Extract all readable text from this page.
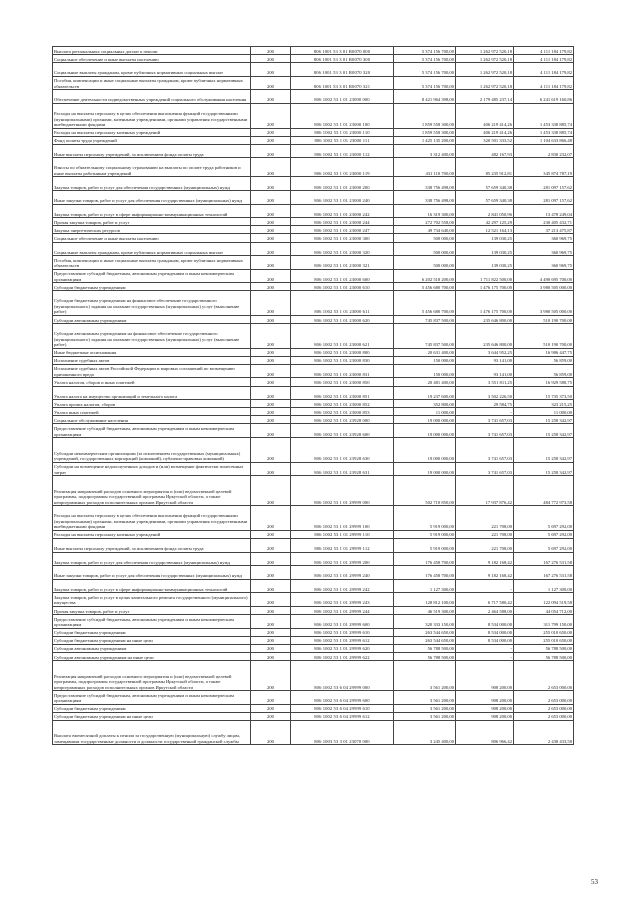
Выплата региональных социальных доплат к пенсии	200	806 1001 53 3 01 R0070 000	5 374 156 700,00	1 262 972 520,18	4 111 184 179,82
Социальное обеспечение и иные выплаты населению	200	806 1001 53 3 01 R0070 300	5 374 156 700,00	1 262 972 520,18	4 111 184 179,82
Социальные выплаты гражданам, кроме публичных нормативных социальных выплат	200	806 1001 53 3 01 R0070 320	5 374 156 700,00	1 262 972 520,18	4 111 184 179,82
Пособия, компенсации и иные социальные выплаты гражданам, кроме публичных нормативных обязательств	200	806 1001 53 3 01 R0070 321	5 374 156 700,00	1 262 972 520,18	4 111 184 179,82
Обеспечение деятельности подведомственных учреждений социального обслуживания населения	200	806 1002 53 1 01 23000 000	8 421 964 398,00	2 179 485 237,14	6 241 619 160,86
Расходы на выплаты персоналу в целях обеспечения выполнения функций государственными (муниципальными) органами, казенными учреждениями, органами управления государственными внебюджетными фондами	200	806 1002 53 1 01 23000 100	1 859 558 300,00	406 219 414,26	1 453 338 885,74
Расходы на выплаты персоналу казенных учреждений	200	806 1002 53 1 01 23000 110	1 859 558 300,00	406 219 414,26	1 453 338 885,74
Фонд оплаты труда учреждений	200	806 1002 53 1 01 23000 111	1 425 135 200,00	320 501 333,52	1 104 633 866,48
Иные выплаты персоналу учреждений, за исключением фонда оплаты труда	200	806 1002 53 1 01 23000 112	3 312 400,00	482 167,93	2 830 232,07
Взносы по обязательному социальному страхованию на выплаты по оплате труда работников и иные выплаты работникам учреждений	200	806 1002 53 1 01 23000 119	431 110 700,00	85 235 912,81	345 874 787,19
Закупка товаров, работ и услуг для обеспечения государственных (муниципальных) нужд	200	806 1002 53 1 01 23000 200	338 756 498,00	57 659 340,38	281 097 157,62
Иные закупки товаров, работ и услуг для обеспечения государственных (муниципальных) нужд	200	806 1002 53 1 01 23000 240	338 756 498,00	57 659 340,38	281 097 157,62
Закупка товаров, работ и услуг в сфере информационно-коммуникационных технологий	200	806 1002 53 1 01 23000 242	16 319 300,00	2 841 050,96	13 478 249,04
Прочая закупка товаров, работ и услуг	200	806 1002 53 1 01 23000 244	272 702 558,00	42 297 125,29	230 405 432,71
Закупка энергетических ресурсов	200	806 1002 53 1 01 23000 247	49 734 640,00	12 521 164,13	37 213 475,87
Социальное обеспечение и иные выплаты населению	200	806 1002 53 1 01 23000 300	500 000,00	139 030,25	360 969,75
Социальные выплаты гражданам, кроме публичных нормативных социальных выплат	200	806 1002 53 1 01 23000 320	500 000,00	139 030,25	360 969,75
Пособия, компенсации и иные социальные выплаты гражданам, кроме публичных нормативных обязательств	200	806 1002 53 1 01 23000 321	500 000,00	139 030,25	360 969,75
Предоставление субсидий бюджетным, автономным учреждениям и иным некоммерческим организациям	200	806 1002 53 1 01 23000 600	6 202 518 200,00	1 711 822 500,00	4 490 695 700,00
Субсидии бюджетным учреждениям	200	806 1002 53 1 01 23000 610	5 456 680 700,00	1 476 175 700,00	3 980 505 000,00
Субсидии бюджетным учреждениям на финансовое обеспечение государственного (муниципального) задания на оказание государственных (муниципальных) услуг (выполнение работ)	200	806 1002 53 1 01 23000 611	5 456 680 700,00	1 476 175 700,00	3 980 505 000,00
Субсидии автономным учреждениям	200	806 1002 53 1 01 23000 620	745 837 500,00	235 646 800,00	510 190 700,00
Субсидии автономным учреждениям на финансовое обеспечение государственного (муниципального) задания на оказание государственных (муниципальных) услуг (выполнение работ)	200	806 1002 53 1 01 23000 621	745 837 500,00	235 646 800,00	510 190 700,00
Иные бюджетные ассигнования	200	806 1002 53 1 01 23000 800	20 631 400,00	3 644 952,25	16 986 447,75
Исполнение судебных актов	200	806 1002 53 1 01 23000 830	150 000,00	93 141,00	56 859,00
Исполнение судебных актов Российской Федерации и мировых соглашений по возмещению причиненного вреда	200	806 1002 53 1 01 23000 831	150 000,00	93 141,00	56 859,00
Уплата налогов, сборов и иных платежей	200	806 1002 53 1 01 23000 850	20 481 400,00	3 551 811,25	16 929 588,75
Уплата налога на имущество организаций и земельного налога	200	806 1002 53 1 01 23000 851	19 237 600,00	3 502 226,50	15 735 373,50
Уплата прочих налогов, сборов	200	806 1002 53 1 01 23000 852	352 800,00	29 584,75	323 215,25
Уплата иных платежей	200	806 1002 53 1 01 23000 853	11 000,00	-	11 000,00
Социальное обслуживание населения	200	806 1002 53 1 01 23928 000	19 000 000,00	3 741 657,03	15 258 342,97
Предоставление субсидий бюджетным, автономным учреждениям и иным некоммерческим организациям	200	806 1002 53 1 01 23928 600	19 000 000,00	3 741 657,03	15 258 342,97
Субсидии некоммерческим организациям (за исключением государственных (муниципальных) учреждений, государственных корпораций (компаний), публично-правовых компаний)	200	806 1002 53 1 01 23928 630	19 000 000,00	3 741 657,03	15 258 342,97
Субсидии на возмещение недополученных доходов и (или) возмещение фактически понесенных затрат	200	806 1002 53 1 01 23928 631	19 000 000,00	3 741 657,03	15 258 342,97
Реализация направлений расходов основного мероприятия и (или) ведомственной целевой программы, подпрограммы государственной программы Иркутской области, а также непрограммных расходов исполнительных органов Иркутской области	200	806 1002 53 1 01 29999 000	502 710 850,00	17 937 876,42	484 772 973,58
Расходы на выплаты персоналу в целях обеспечения выполнения функций государственными (муниципальными) органами, казенными учреждениями, органами управления государственными внебюджетными фондами	200	806 1002 53 1 01 29999 100	5 919 000,00	221 708,00	5 697 292,00
Расходы на выплаты персоналу казенных учреждений	200	806 1002 53 1 01 29999 110	5 919 000,00	221 708,00	5 697 292,00
Иные выплаты персоналу учреждений, за исключением фонда оплаты труда	200	806 1002 53 1 01 29999 112	5 919 000,00	221 708,00	5 697 292,00
Закупка товаров, работ и услуг для обеспечения государственных (муниципальных) нужд	200	806 1002 53 1 01 29999 200	176 458 700,00	9 182 168,42	167 276 531,58
Иные закупки товаров, работ и услуг для обеспечения государственных (муниципальных) нужд	200	806 1002 53 1 01 29999 240	176 458 700,00	9 182 168,42	167 276 531,58
Закупка товаров, работ и услуг в сфере информационно-коммуникационных технологий	200	806 1002 53 1 01 29999 242	1 127 300,00	-	1 127 300,00
Закупка товаров, работ и услуг в целях капитального ремонта государственного (муниципального) имущества	200	806 1002 53 1 01 29999 243	128 812 100,00	6 717 580,42	122 094 519,58
Прочая закупка товаров, работ и услуг	200	806 1002 53 1 01 29999 244	46 519 300,00	2 464 588,00	44 054 712,00
Предоставление субсидий бюджетным, автономным учреждениям и иным некоммерческим организациям	200	806 1002 53 1 01 29999 600	320 333 150,00	8 534 000,00	311 799 150,00
Субсидии бюджетным учреждениям	200	806 1002 53 1 01 29999 610	263 544 650,00	8 534 000,00	255 010 650,00
Субсидии бюджетным учреждениям на иные цели	200	806 1002 53 1 01 29999 612	263 544 650,00	8 534 000,00	255 010 650,00
Субсидии автономным учреждениям	200	806 1002 53 1 01 29999 620	56 788 500,00	-	56 788 500,00
Субсидии автономным учреждениям на иные цели	200	806 1002 53 1 01 29999 622	56 788 500,00	-	56 788 500,00
Реализация направлений расходов основного мероприятия и (или) ведомственной целевой программы, подпрограммы государственной программы Иркутской области, а также непрограммных расходов исполнительных органов Иркутской области	200	806 1002 53 6 04 29999 000	3 561 200,00	908 200,00	2 653 000,00
Предоставление субсидий бюджетным, автономным учреждениям и иным некоммерческим организациям	200	806 1002 53 6 04 29999 600	3 561 200,00	908 200,00	2 653 000,00
Субсидии бюджетным учреждениям	200	806 1002 53 6 04 29999 610	3 561 200,00	908 200,00	2 653 000,00
Субсидии бюджетным учреждениям на иные цели	200	806 1002 53 6 04 29999 612	3 561 200,00	908 200,00	2 653 000,00
Выплата ежемесячной доплаты к пенсии за государственную (муниципальную) службу лицам, замещавшим государственные должности и должности государственной гражданской службы	200	806 1003 53 3 01 23070 000	3 245 400,00	806 966,42	2 438 433,58
53
